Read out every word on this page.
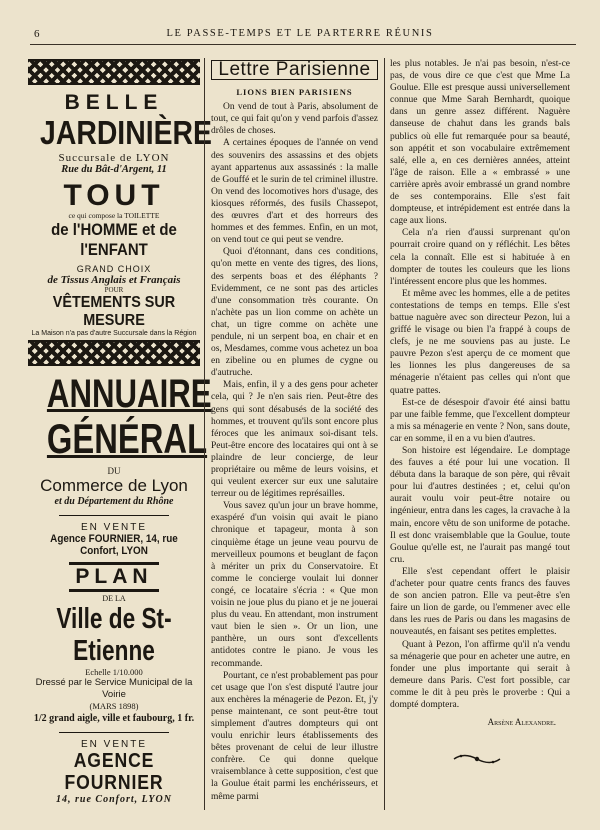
6	LE PASSE-TEMPS ET LE PARTERRE RÉUNIS
BELLE
JARDINIÈRE
Succursale de LYON
Rue du Bât-d'Argent, 11
TOUT
ce qui compose la TOILETTE
de l'HOMME et de l'ENFANT
GRAND CHOIX
de Tissus Anglais et Français
POUR
VÊTEMENTS SUR MESURE
La Maison n'a pas d'autre Succursale dans la Région
ANNUAIRE
GÉNÉRAL
DU
Commerce de Lyon
et du Département du Rhône
EN VENTE
Agence FOURNIER, 14, rue Confort, LYON
PLAN
DE LA
Ville de St-Etienne
Echelle 1/10.000
Dressé par le Service Municipal de la Voirie
(MARS 1898)
1/2 grand aigle, ville et faubourg, 1 fr.
EN VENTE
AGENCE FOURNIER
14, rue Confort, LYON

Lettre Parisienne

LIONS BIEN PARISIENS

On vend de tout à Paris, absolument de tout, ce qui fait qu'on y vend parfois d'assez drôles de choses.

A certaines époques de l'année on vend des souvenirs des assassins et des objets ayant appartenus aux assassinés : la malle de Gouffé et le surin de tel criminel illustre. On vend des locomotives hors d'usage, des kiosques réformés, des fusils Chassepot, des œuvres d'art et des horreurs des hommes et des femmes. Enfin, en un mot, on vend tout ce qui peut se vendre.

Quoi d'étonnant, dans ces conditions, qu'on mette en vente des tigres, des lions, des serpents boas et des éléphants ? Evidemment, ce ne sont pas des articles d'une consommation très courante. On n'achète pas un lion comme on achète un chat, un tigre comme on achète une pendule, ni un serpent boa, en chair et en os, Mesdames, comme vous achetez un boa en zibeline ou en plumes de cygne ou d'autruche.

Mais, enfin, il y a des gens pour acheter cela, qui ? Je n'en sais rien. Peut-être des gens qui sont désabusés de la société des hommes, et trouvent qu'ils sont encore plus féroces que les animaux soi-disant tels. Peut-être encore des locataires qui ont à se plaindre de leur concierge, de leur propriétaire ou même de leurs voisins, et qui veulent exercer sur eux une salutaire terreur ou de légitimes représailles.

Vous savez qu'un jour un brave homme, exaspéré d'un voisin qui avait le piano chronique et tapageur, monta à son cinquième étage un jeune veau pourvu de merveilleux poumons et beuglant de façon à mériter un prix du Conservatoire. Et comme le concierge voulait lui donner congé, ce locataire s'écria : « Que mon voisin ne joue plus du piano et je ne jouerai plus du veau. En attendant, mon instrument vaut bien le sien ». Or un lion, une panthère, un ours sont d'excellents antidotes contre le piano. Je vous les recommande.

Pourtant, ce n'est probablement pas pour cet usage que l'on s'est disputé l'autre jour aux enchères la ménagerie de Pezon. Et, j'y pense maintenant, ce sont peut-être tout simplement d'autres dompteurs qui ont voulu enrichir leurs établissements des bêtes provenant de celui de leur illustre confrère. Ce qui donne quelque vraisemblance à cette supposition, c'est que la Goulue était parmi les enchérisseurs, et même parmi

les plus notables. Je n'ai pas besoin, n'est-ce pas, de vous dire ce que c'est que Mme La Goulue. Elle est presque aussi universellement connue que Mme Sarah Bernhardt, quoique dans un genre assez différent. Naguère danseuse de chahut dans les grands bals publics où elle fut remarquée pour sa beauté, son appétit et son vocabulaire extrêmement salé, elle a, en ces dernières années, atteint l'âge de raison. Elle a « embrassé » une carrière après avoir embrassé un grand nombre de ses contemporains. Elle s'est fait dompteuse, et intrépidement est entrée dans la cage aux lions.

Cela n'a rien d'aussi surprenant qu'on pourrait croire quand on y réfléchit. Les bêtes cela la connaît. Elle est si habituée à en dompter de toutes les couleurs que les lions l'intéressent encore plus que les hommes.

Et même avec les hommes, elle a de petites contestations de temps en temps. Elle s'est battue naguère avec son directeur Pezon, lui a griffé le visage ou bien l'a frappé à coups de clefs, je ne me souviens pas au juste. Le pauvre Pezon s'est aperçu de ce moment que les lionnes les plus dangereuses de sa ménagerie n'étaient pas celles qui n'ont que quatre pattes.

Est-ce de désespoir d'avoir été ainsi battu par une faible femme, que l'excellent dompteur a mis sa ménagerie en vente ? Non, sans doute, car en somme, il en a vu bien d'autres.

Son histoire est légendaire. Le domptage des fauves a été pour lui une vocation. Il débuta dans la baraque de son père, qui rêvait pour lui d'autres destinées ; et, celui qu'on aurait voulu voir peut-être notaire ou ingénieur, entra dans les cages, la cravache à la main, encore vêtu de son uniforme de potache. Il est donc vraisemblable que la Goulue, toute Goulue qu'elle est, ne l'aurait pas mangé tout cru.

Elle s'est cependant offert le plaisir d'acheter pour quatre cents francs des fauves de son ancien patron. Elle va peut-être s'en faire un lion de garde, ou l'emmener avec elle dans les rues de Paris ou dans les magasins de nouveautés, en faisant ses petites emplettes.

Quant à Pezon, l'on affirme qu'il n'a vendu sa ménagerie que pour en acheter une autre, en fonder une plus importante qui serait à demeure dans Paris. C'est fort possible, car comme le dit à peu près le proverbe : Qui a dompté domptera.

Arsène Alexandre.
